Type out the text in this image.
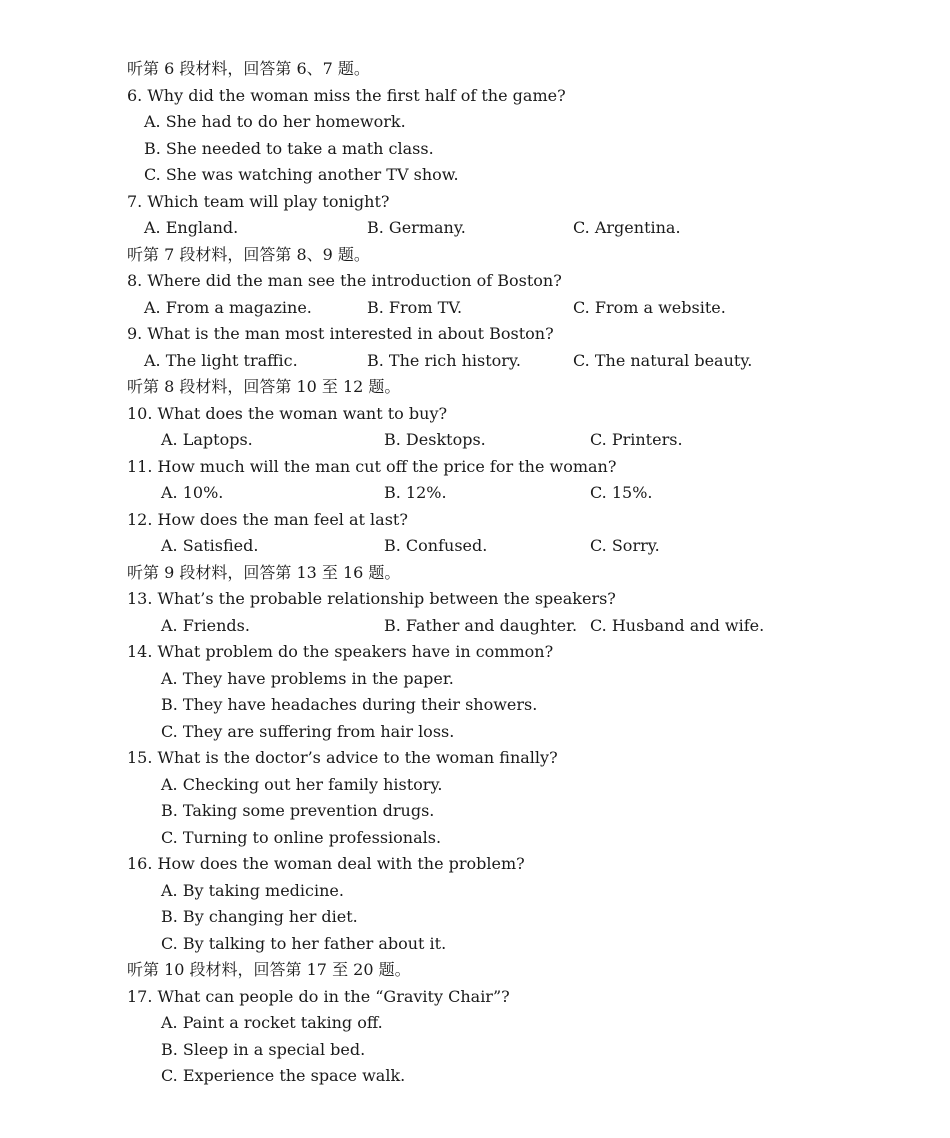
听第 6 段材料，回答第 6、7 题。
6. Why did the woman miss the first half of the game?
A. She had to do her homework.
B. She needed to take a math class.
C. She was watching another TV show.
7. Which team will play tonight?
A. England.	B. Germany.	C. Argentina.
听第 7 段材料，回答第 8、9 题。
8. Where did the man see the introduction of Boston?
A. From a magazine.	B. From TV.	C. From a website.
9. What is the man most interested in about Boston?
A. The light traffic.	B. The rich history.	C. The natural beauty.
听第 8 段材料，回答第 10 至 12 题。
10. What does the woman want to buy?
A. Laptops.	B. Desktops.	C. Printers.
11. How much will the man cut off the price for the woman?
A. 10%.	B. 12%.	C. 15%.
12. How does the man feel at last?
A. Satisfied.	B. Confused.	C. Sorry.
听第 9 段材料，回答第 13 至 16 题。
13. What’s the probable relationship between the speakers?
A. Friends.	B. Father and daughter. C. Husband and wife.
14. What problem do the speakers have in common?
A. They have problems in the paper.
B. They have headaches during their showers.
C. They are suffering from hair loss.
15. What is the doctor’s advice to the woman finally?
A. Checking out her family history.
B. Taking some prevention drugs.
C. Turning to online professionals.
16. How does the woman deal with the problem?
A. By taking medicine.
B. By changing her diet.
C. By talking to her father about it.
听第 10 段材料，回答第 17 至 20 题。
17. What can people do in the “Gravity Chair”?
A. Paint a rocket taking off.
B. Sleep in a special bed.
C. Experience the space walk.
